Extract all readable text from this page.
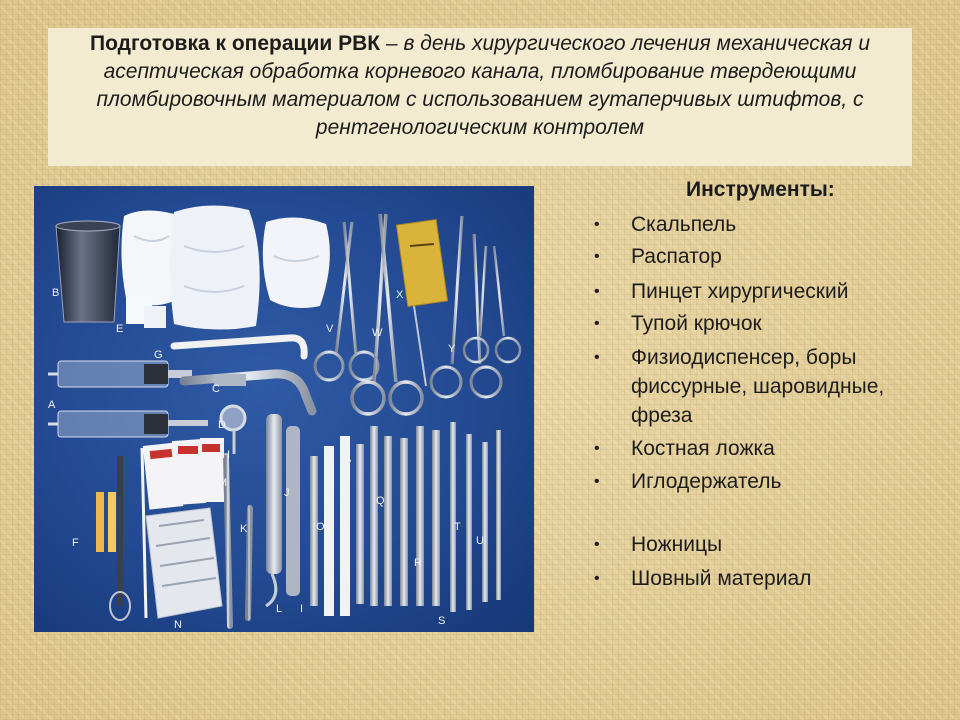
Подготовка к операции РВК – в день хирургического лечения механическая и асептическая обработка корневого канала, пломбирование твердеющими пломбировочным материалом с использованием гутаперчивых штифтов, с рентгенологическим контролем
B
A
E
G
C
D
F
H
M
K
N
L
J
I
O
P
Q
R
S
T
U
V	W
X
Y
Инструменты:
• Скальпель
• Распатор
• Пинцет хирургический
• Тупой крючок
• Физиодиспенсер, боры фиссурные, шаровидные, фреза
• Костная ложка
• Иглодержатель
• Ножницы
• Шовный материал
